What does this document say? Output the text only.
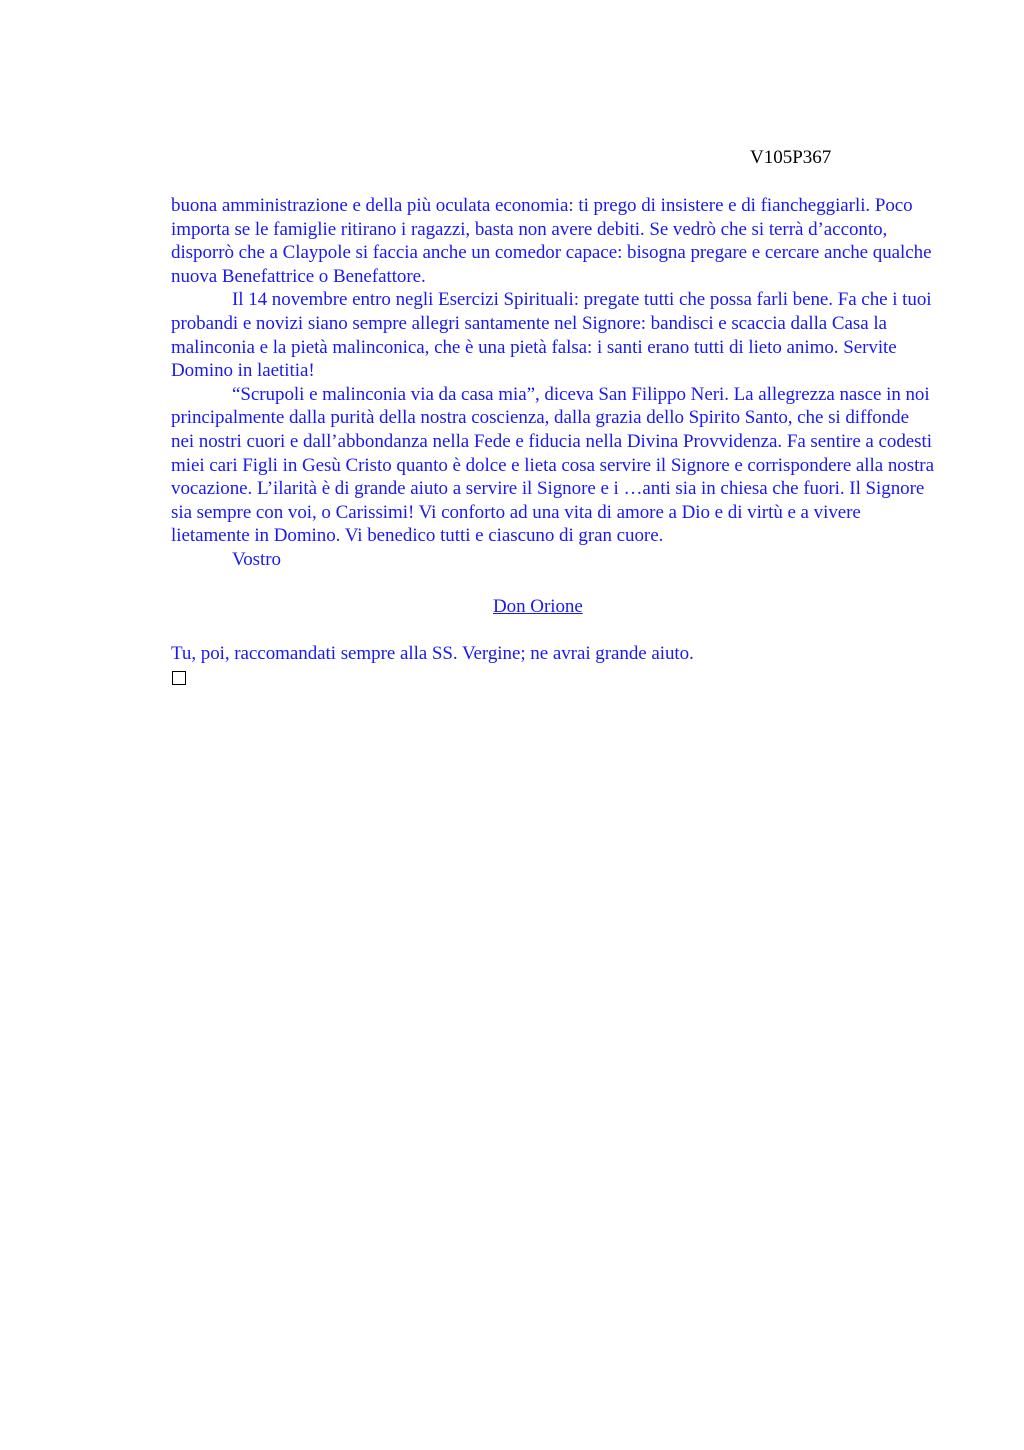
V105P367

buona amministrazione e della più oculata economia: ti prego di insistere e di fiancheggiarli. Poco importa se le famiglie ritirano i ragazzi, basta non avere debiti. Se vedrò che si terrà d’acconto, disporrò che a Claypole si faccia anche un comedor capace: bisogna pregare e cercare anche qualche nuova Benefattrice o Benefattore.

Il 14 novembre entro negli Esercizi Spirituali: pregate tutti che possa farli bene. Fa che i tuoi probandi e novizi siano sempre allegri santamente nel Signore: bandisci e scaccia dalla Casa la malinconia e la pietà malinconica, che è una pietà falsa: i santi erano tutti di lieto animo. Servite Domino in laetitia!

“Scrupoli e malinconia via da casa mia”, diceva San Filippo Neri. La allegrezza nasce in noi principalmente dalla purità della nostra coscienza, dalla grazia dello Spirito Santo, che si diffonde nei nostri cuori e dall’abbondanza nella Fede e fiducia nella Divina Provvidenza. Fa sentire a codesti miei cari Figli in Gesù Cristo quanto è dolce e lieta cosa servire il Signore e corrispondere alla nostra vocazione. L’ilarità è di grande aiuto a servire il Signore e i …anti sia in chiesa che fuori. Il Signore sia sempre con voi, o Carissimi! Vi conforto ad una vita di amore a Dio e di virtù e a vivere lietamente in Domino. Vi benedico tutti e ciascuno di gran cuore.

Vostro

Don Orione

Tu, poi, raccomandati sempre alla SS. Vergine; ne avrai grande aiuto.
